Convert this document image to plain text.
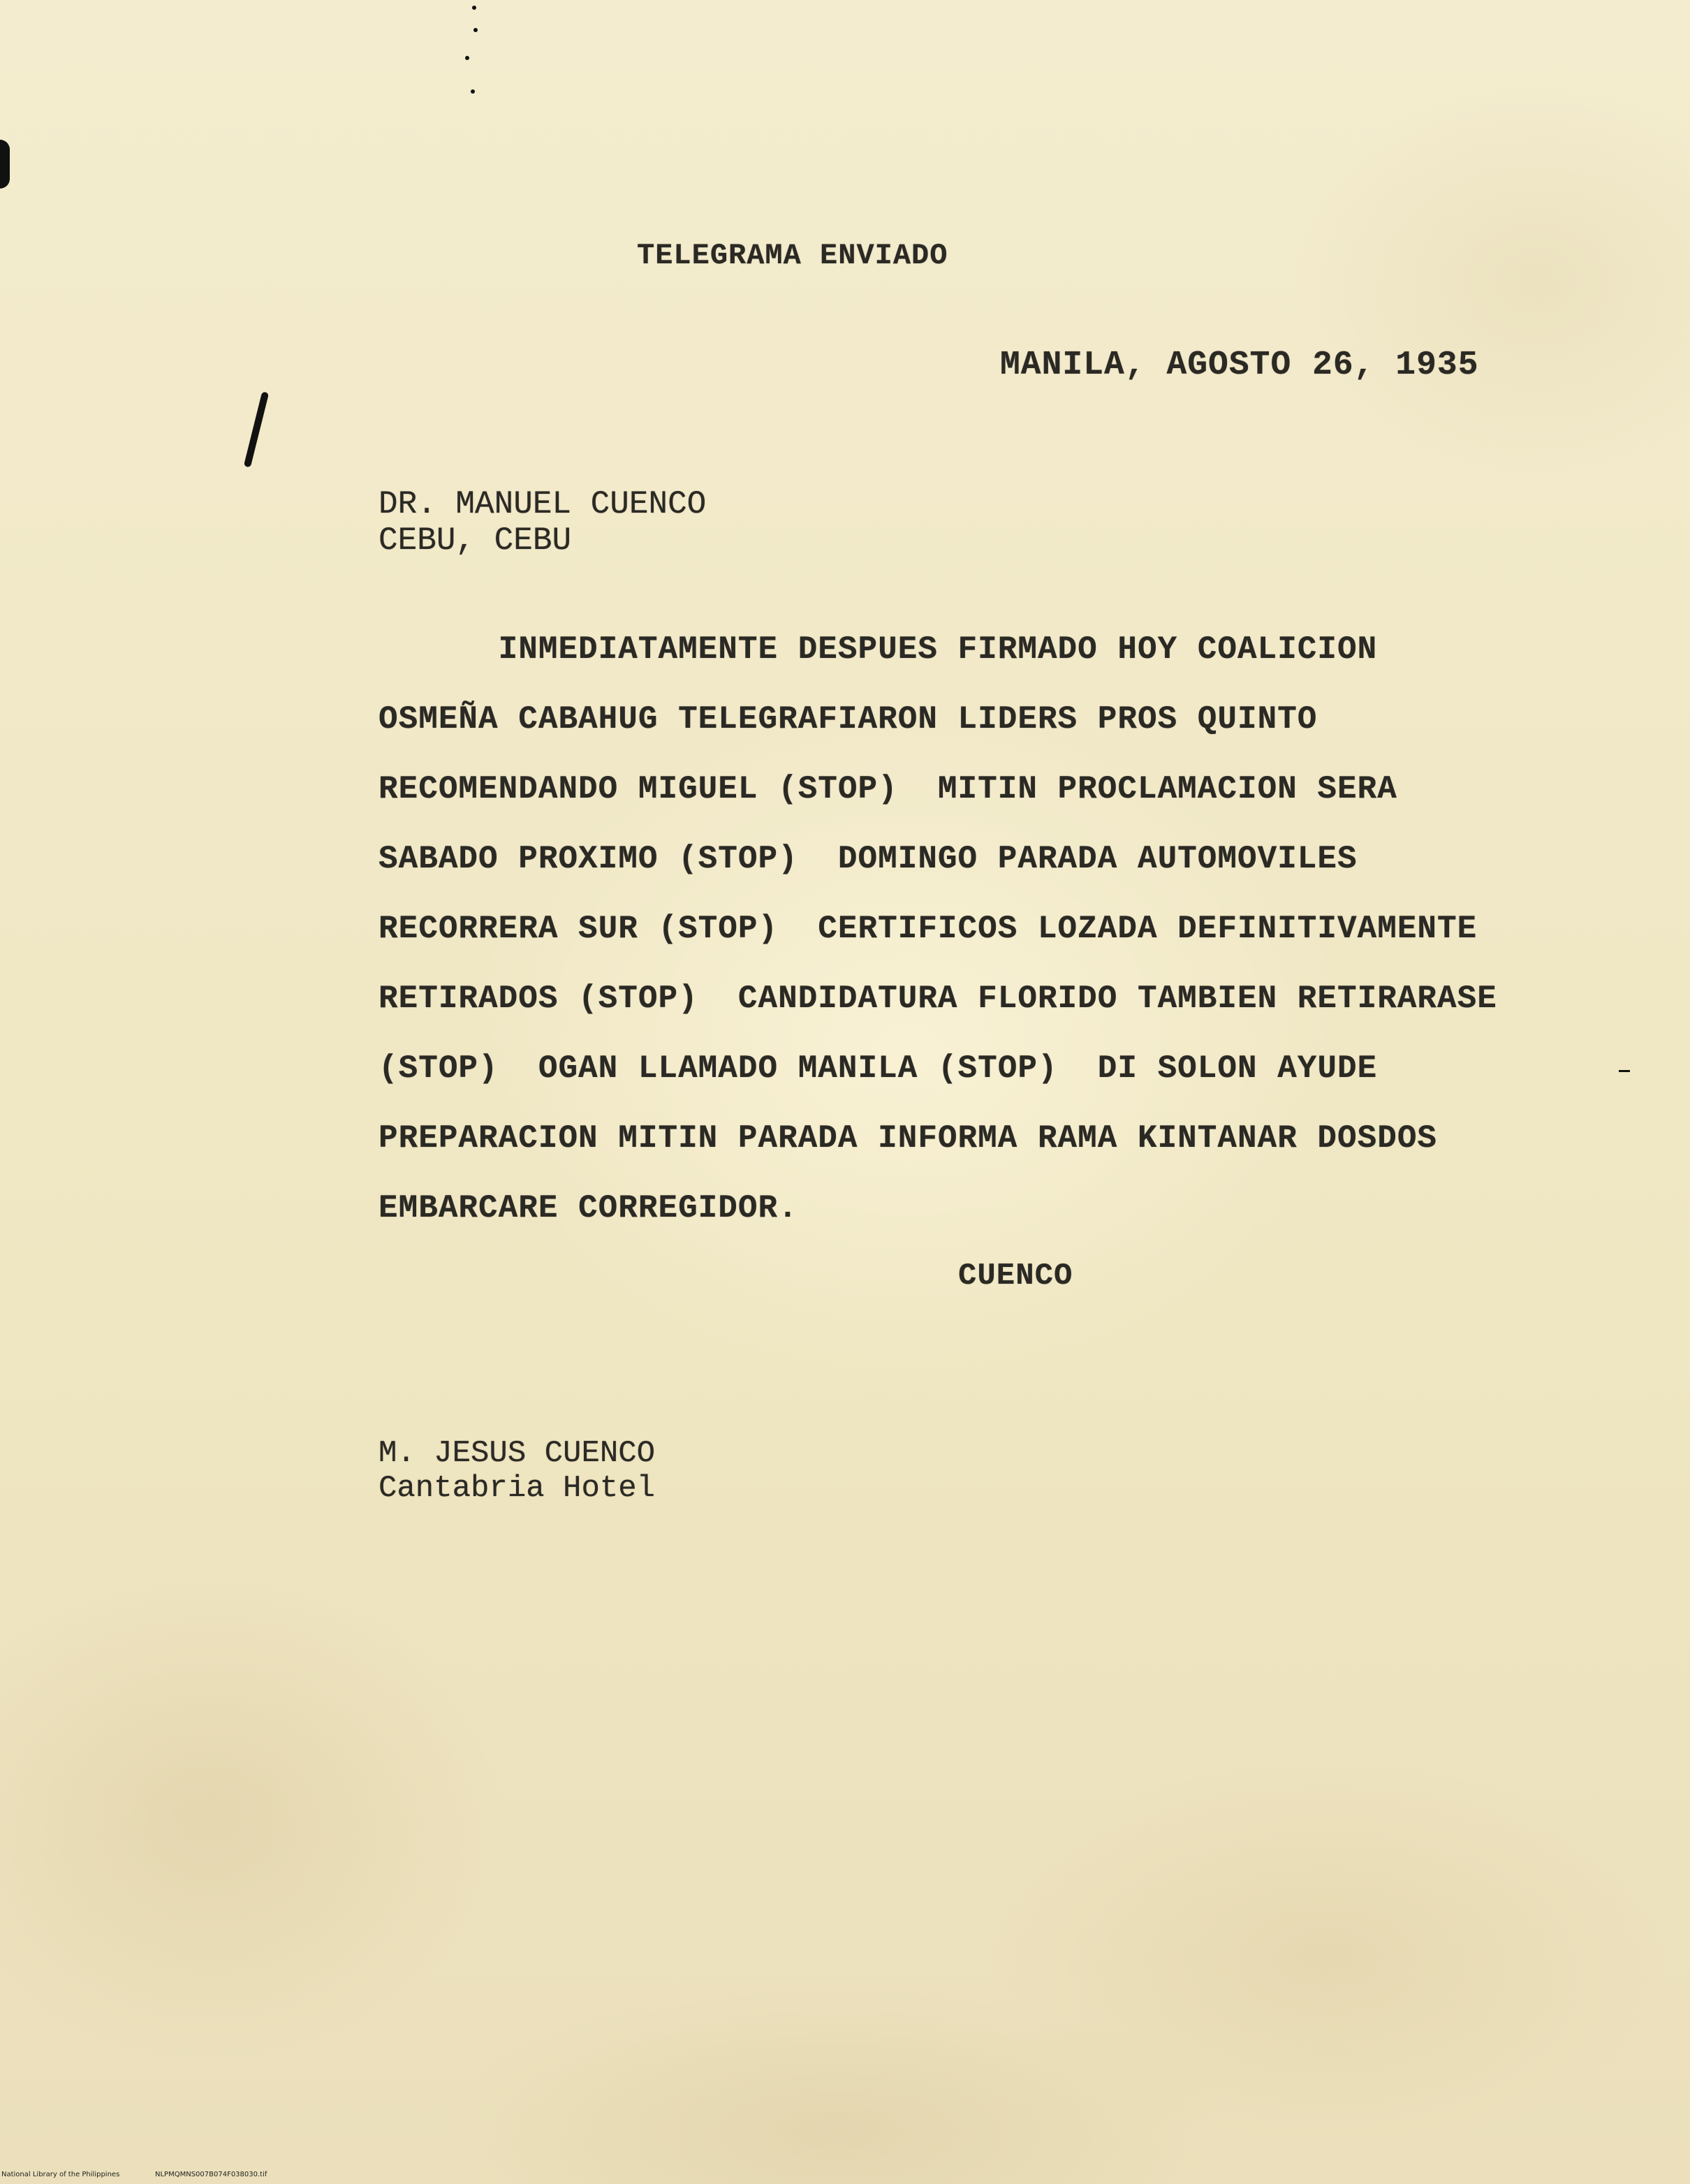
TELEGRAMA ENVIADO
MANILA, AGOSTO 26, 1935
DR. MANUEL CUENCO
CEBU, CEBU
INMEDIATAMENTE DESPUES FIRMADO HOY COALICION
OSMEÑA CABAHUG TELEGRAFIARON LIDERS PROS QUINTO
RECOMENDANDO MIGUEL (STOP)  MITIN PROCLAMACION SERA
SABADO PROXIMO (STOP)  DOMINGO PARADA AUTOMOVILES
RECORRERA SUR (STOP)  CERTIFICOS LOZADA DEFINITIVAMENTE
RETIRADOS (STOP)  CANDIDATURA FLORIDO TAMBIEN RETIRARASE
(STOP)  OGAN LLAMADO MANILA (STOP)  DI SOLON AYUDE
PREPARACION MITIN PARADA INFORMA RAMA KINTANAR DOSDOS
EMBARCARE CORREGIDOR.
CUENCO
M. JESUS CUENCO
Cantabria Hotel
National Library of the Philippines	NLPMQMNS007B074F038030.tif
